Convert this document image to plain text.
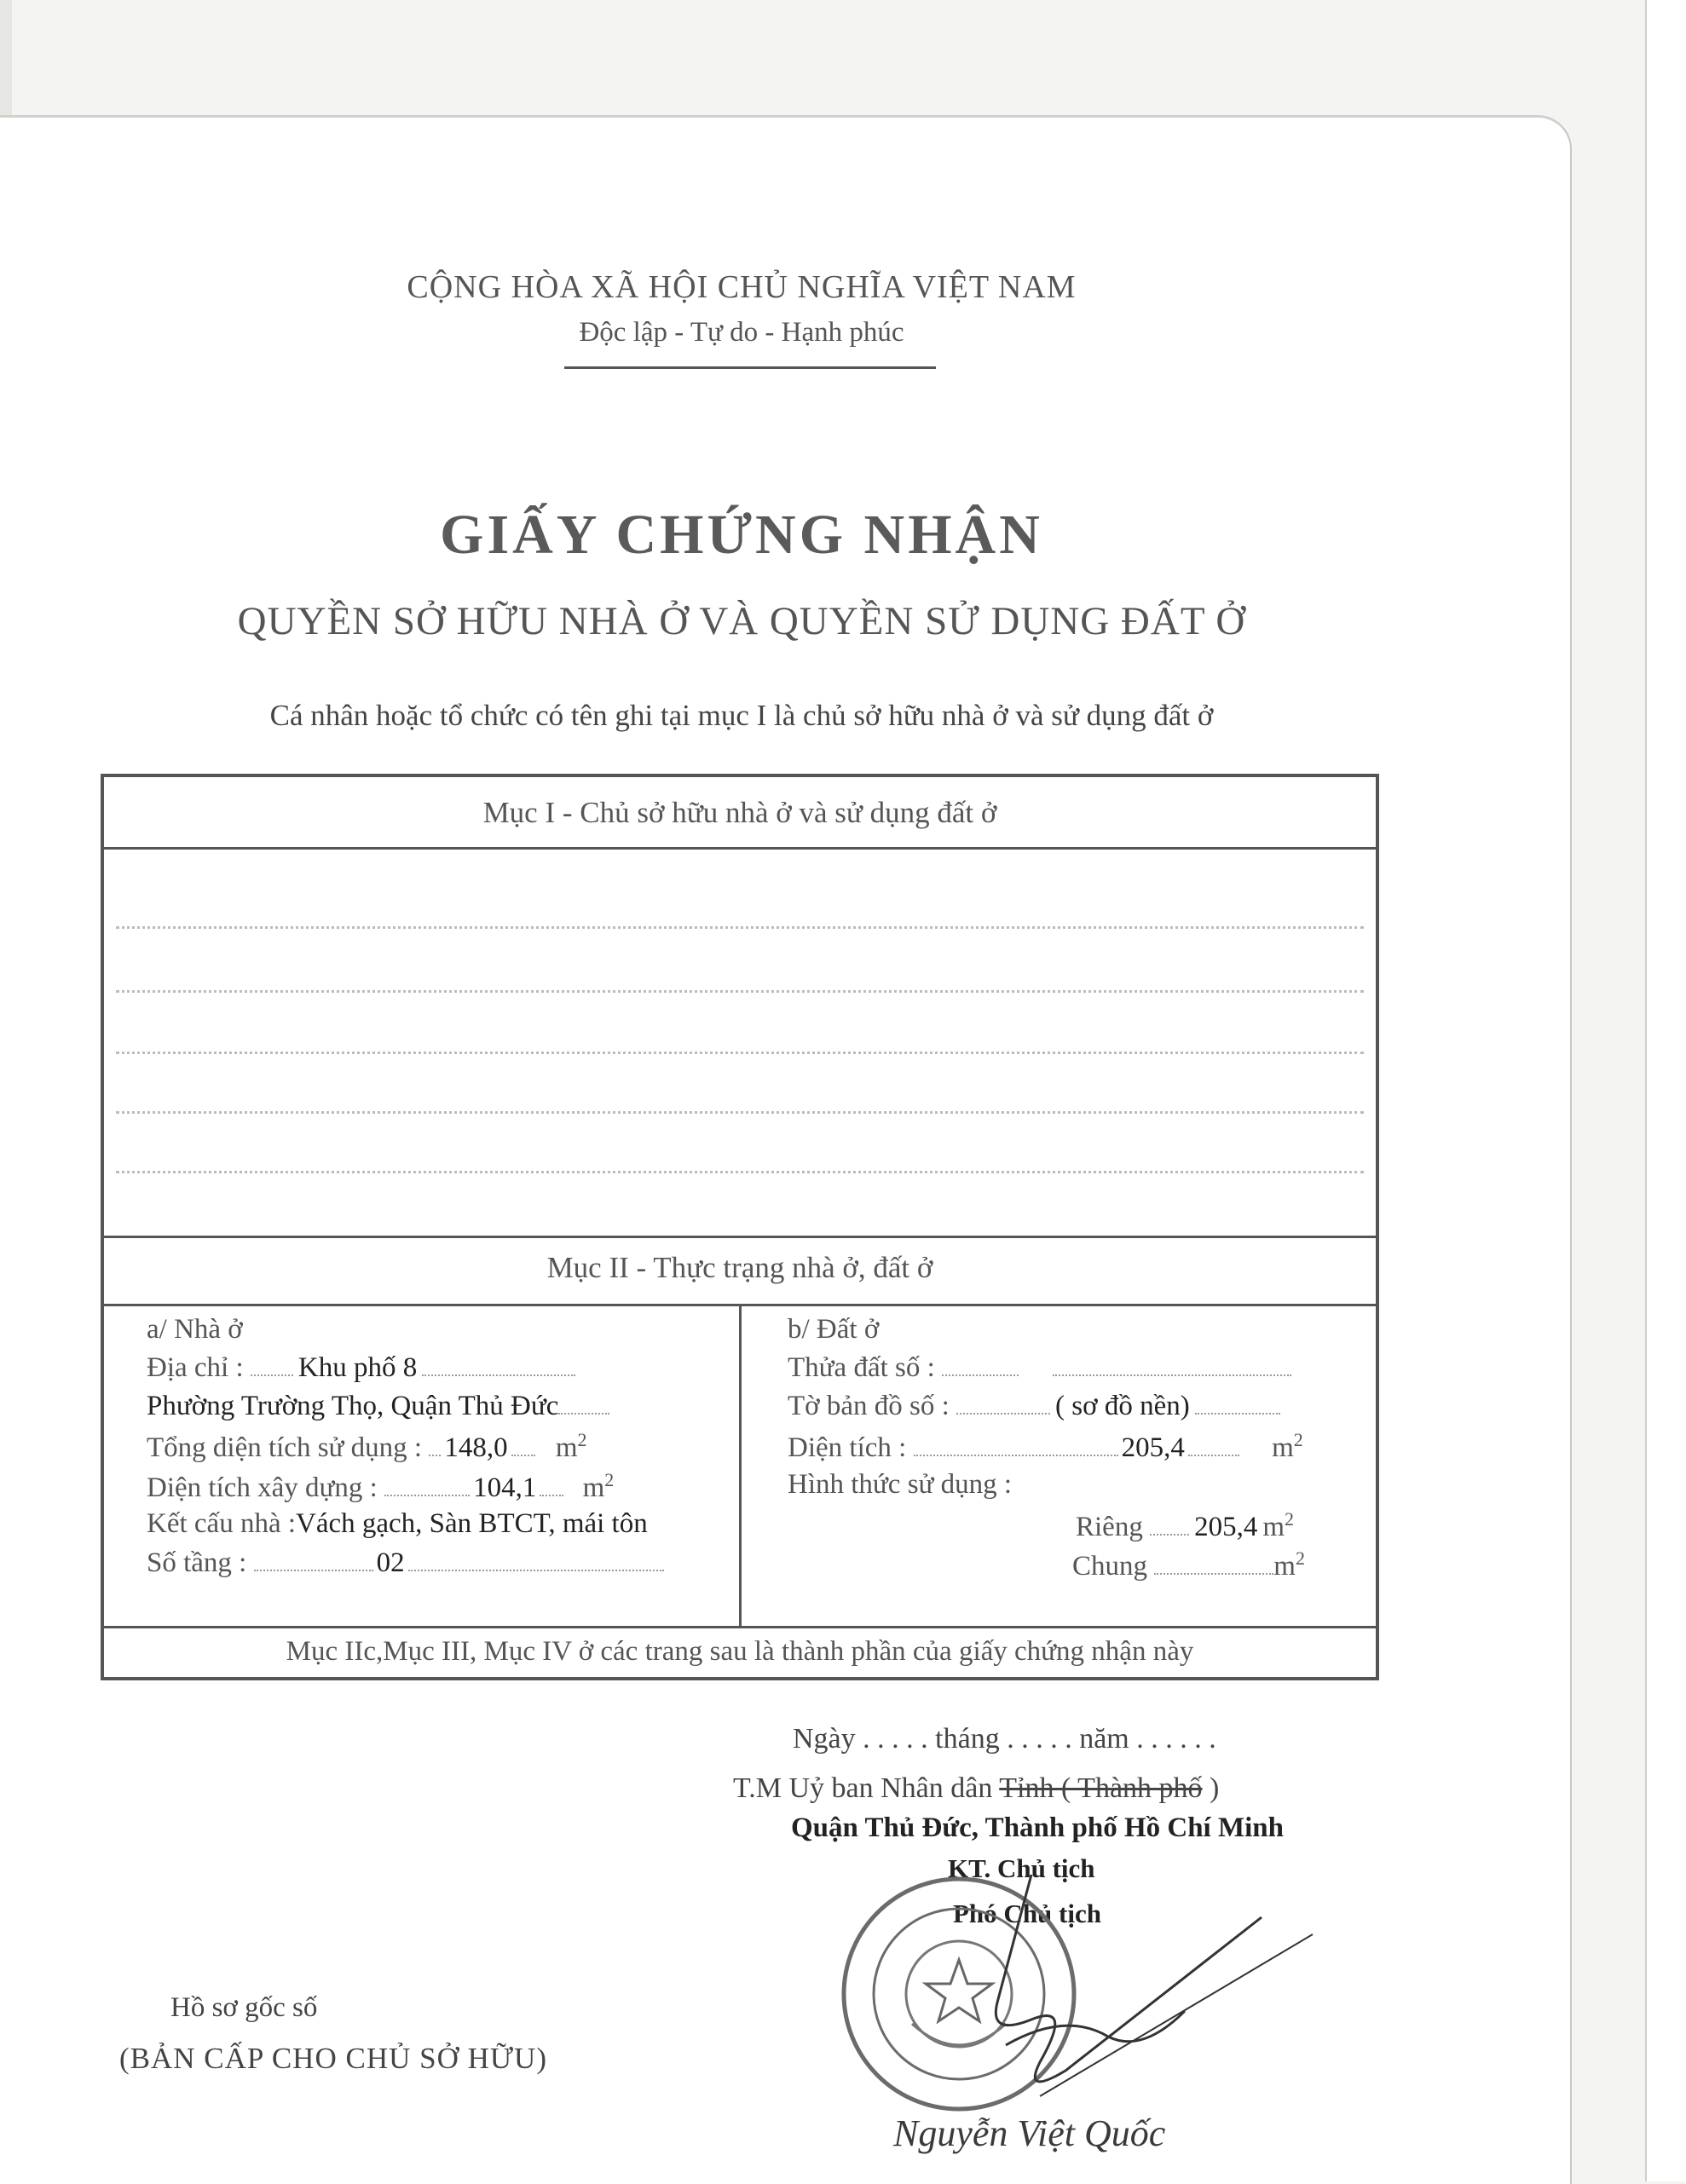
CỘNG HÒA XÃ HỘI CHỦ NGHĨA VIỆT NAM
Độc lập - Tự do - Hạnh phúc
GIẤY CHỨNG NHẬN
QUYỀN SỞ HỮU NHÀ Ở VÀ QUYỀN SỬ DỤNG ĐẤT Ở
Cá nhân hoặc tổ chức có tên ghi tại mục I là chủ sở hữu nhà ở và sử dụng đất ở
Mục I - Chủ sở hữu nhà ở và sử dụng đất ở
Mục II - Thực trạng nhà ở, đất ở
a/ Nhà ở
Địa chỉ : Khu phố 8
Phường Trường Thọ, Quận Thủ Đức
Tổng diện tích sử dụng : 148,0 $m^2$
Diện tích xây dựng :	104,1 $m^2$
Kết cấu nhà :Vách gạch, Sàn BTCT, mái tôn
Số tầng :	02
b/ Đất ở
Thửa đất số :
Tờ bản đồ số :	( sơ đồ nền)
Diện tích :	205,4	$m^2$
Hình thức sử dụng :
Riêng 205,4 $m^2$
Chung	$m^2$
Mục IIc,Mục III, Mục IV ở các trang sau là thành phần của giấy chứng nhận này
Ngày . . . . . tháng . . . . . năm . . . . . .
T.M Uỷ ban Nhân dân Tỉnh ( Thành phố )
Quận Thủ Đức, Thành phố Hồ Chí Minh
KT. Chủ tịch
Phó Chủ tịch
Hồ sơ gốc số
(BẢN CẤP CHO CHỦ SỞ HỮU)
Nguyễn Việt Quốc
